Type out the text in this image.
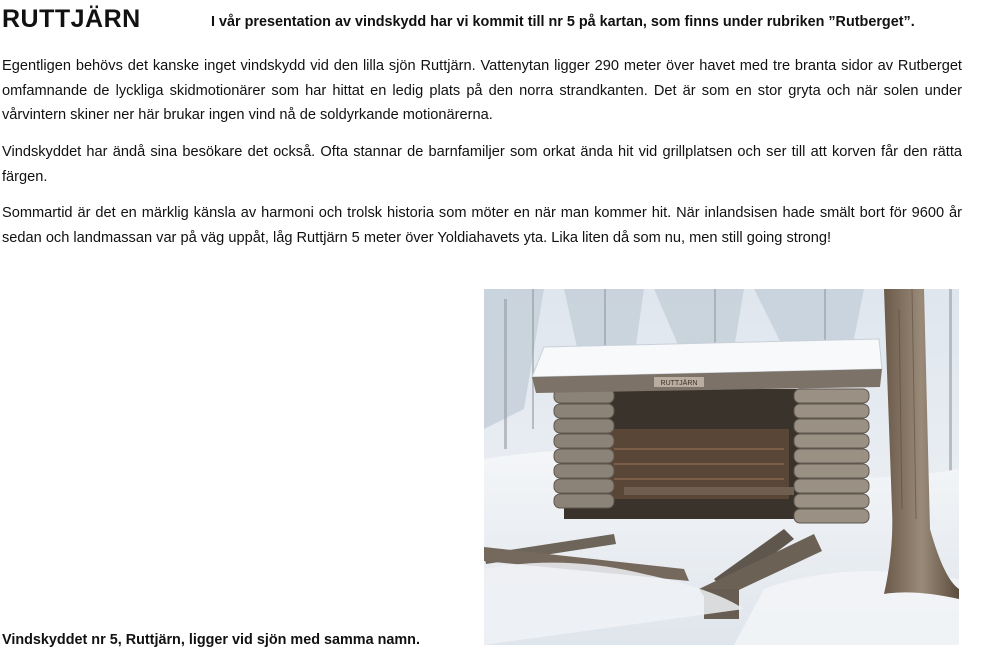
RUTTJÄRN	I vår presentation av vindskydd har vi kommit till nr 5 på kartan, som finns under rubriken ”Rutberget”.

Egentligen behövs det kanske inget vindskydd vid den lilla sjön Ruttjärn. Vattenytan ligger 290 meter över havet med tre branta sidor av Rutberget omfamnande de lyckliga skidmotionärer som har hittat en ledig plats på den norra strandkanten. Det är som en stor gryta och när solen under vårvintern skiner ner här brukar ingen vind nå de soldyrkande motionärerna.

Vindskyddet har ändå sina besökare det också. Ofta stannar de barnfamiljer som orkat ända hit vid grillplatsen och ser till att korven får den rätta färgen.

Sommartid är det en märklig känsla av harmoni och trolsk historia som möter en när man kommer hit. När inlandsisen hade smält bort för 9600 år sedan och landmassan var på väg uppåt, låg Ruttjärn 5 meter över Yoldiahavets yta. Lika liten då som nu, men still going strong!

RUTTJÄRN

Vindskyddet nr 5, Ruttjärn, ligger vid sjön med samma namn.
